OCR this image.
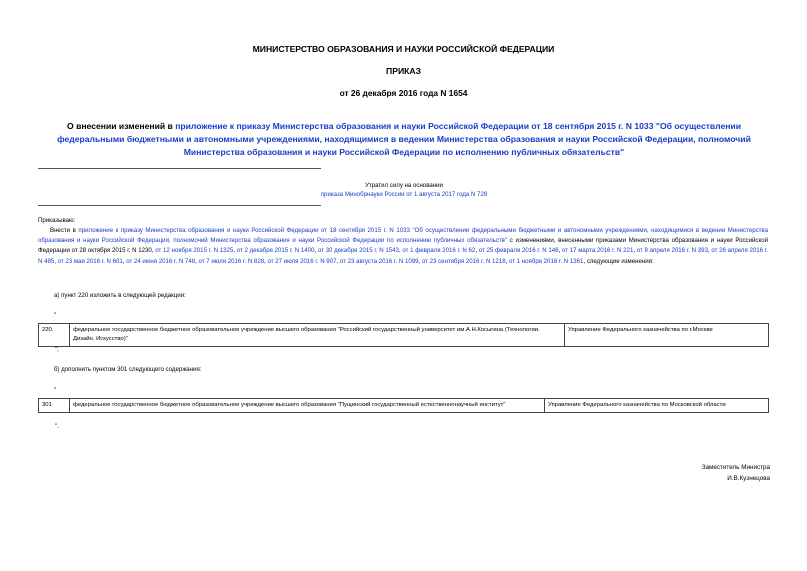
МИНИСТЕРСТВО ОБРАЗОВАНИЯ И НАУКИ РОССИЙСКОЙ ФЕДЕРАЦИИ
ПРИКАЗ
от 26 декабря 2016 года N 1654
О внесении изменений в приложение к приказу Министерства образования и науки Российской Федерации от 18 сентября 2015 г. N 1033 "Об осуществлении федеральными бюджетными и автономными учреждениями, находящимися в ведении Министерства образования и науки Российской Федерации, полномочий Министерства образования и науки Российской Федерации по исполнению публичных обязательств"
Утратил силу на основании
приказа Минобрнауки России от 1 августа 2017 года N 728
Приказываю:
Внести в приложение к приказу Министерства образования и науки Российской Федерации от 18 сентября 2015 г. N 1033 "Об осуществлении федеральными бюджетными и автономными учреждениями, находящимися в ведении Министерства образования и науки Российской Федерации, полномочий Министерства образования и науки Российской Федерации по исполнению публичных обязательств" с изменениями, внесенными приказами Министерства образования и науки Российской Федерации от 28 октября 2015 г. N 1230, от 12 ноября 2015 г. N 1325, от 2 декабря 2015 г. N 1400, от 30 декабря 2015 г. N 1543, от 1 февраля 2016 г. N 62, от 25 февраля 2016 г. N 146, от 17 марта 2016 г. N 221, от 8 апреля 2016 г. N 393, от 26 апреля 2016 г. N 485, от 23 мая 2016 г. N 601, от 24 июня 2016 г. N 748, от 7 июля 2016 г. N 828, от 27 июля 2016 г. N 907, от 23 августа 2016 г. N 1099, от 23 сентября 2016 г. N 1218, от 1 ноября 2016 г. N 1361, следующие изменения:
а) пункт 220 изложить в следующей редакции:
"
220.	федеральное государственное бюджетное образовательное учреждение высшего образования "Российский государственный университет им.А.Н.Косыгина (Технологии. Дизайн. Искусство)"	Управление Федерального казначейства по г.Москве
";
б) дополнить пунктом 301 следующего содержания:
"
301	федеральное государственное бюджетное образовательное учреждение высшего образования "Пущинский государственный естественнонаучный институт"	Управление Федерального казначейства по Московской области
".
Заместитель Министра
И.В.Кузнецова
